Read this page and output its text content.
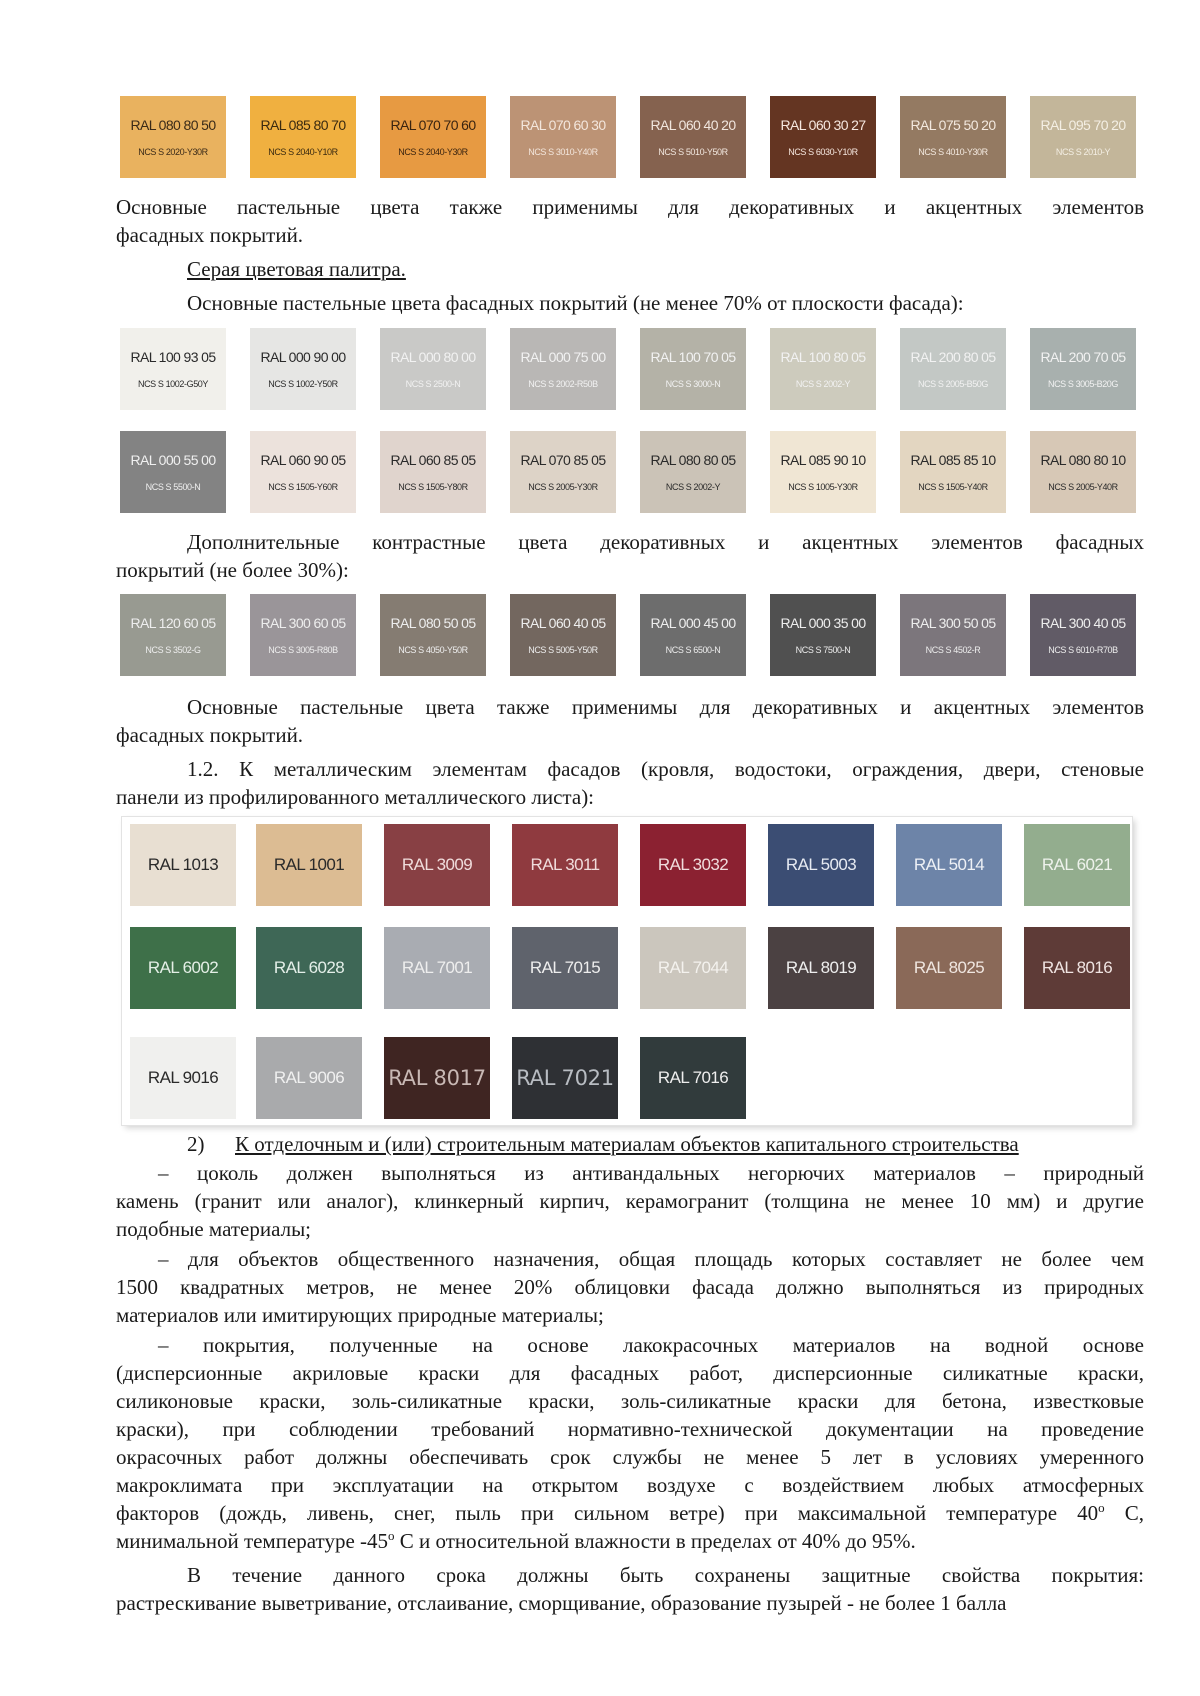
RAL 080 80 50
NCS S 2020-Y30R
RAL 085 80 70
NCS S 2040-Y10R
RAL 070 70 60
NCS S 2040-Y30R
RAL 070 60 30
NCS S 3010-Y40R
RAL 060 40 20
NCS S 5010-Y50R
RAL 060 30 27
NCS S 6030-Y10R
RAL 075 50 20
NCS S 4010-Y30R
RAL 095 70 20
NCS S 2010-Y
Основные пастельные цвета также применимы для декоративных и акцентных элементов
фасадных покрытий.
Серая цветовая палитра.
Основные пастельные цвета фасадных покрытий (не менее 70% от плоскости фасада):
RAL 100 93 05
NCS S 1002-G50Y
RAL 000 90 00
NCS S 1002-Y50R
RAL 000 80 00
NCS S 2500-N
RAL 000 75 00
NCS S 2002-R50B
RAL 100 70 05
NCS S 3000-N
RAL 100 80 05
NCS S 2002-Y
RAL 200 80 05
NCS S 2005-B50G
RAL 200 70 05
NCS S 3005-B20G
RAL 000 55 00
NCS S 5500-N
RAL 060 90 05
NCS S 1505-Y60R
RAL 060 85 05
NCS S 1505-Y80R
RAL 070 85 05
NCS S 2005-Y30R
RAL 080 80 05
NCS S 2002-Y
RAL 085 90 10
NCS S 1005-Y30R
RAL 085 85 10
NCS S 1505-Y40R
RAL 080 80 10
NCS S 2005-Y40R
Дополнительные контрастные цвета декоративных и акцентных элементов фасадных
покрытий (не более 30%):
RAL 120 60 05
NCS S 3502-G
RAL 300 60 05
NCS S 3005-R80B
RAL 080 50 05
NCS S 4050-Y50R
RAL 060 40 05
NCS S 5005-Y50R
RAL 000 45 00
NCS S 6500-N
RAL 000 35 00
NCS S 7500-N
RAL 300 50 05
NCS S 4502-R
RAL 300 40 05
NCS S 6010-R70B
Основные пастельные цвета также применимы для декоративных и акцентных элементов
фасадных покрытий.
1.2. К металлическим элементам фасадов (кровля, водостоки, ограждения, двери, стеновые
панели из профилированного металлического листа):
RAL 1013	RAL 1001	RAL 3009	RAL 3011	RAL 3032	RAL 5003	RAL 5014	RAL 6021
RAL 6002	RAL 6028	RAL 7001	RAL 7015	RAL 7044	RAL 8019	RAL 8025	RAL 8016
RAL 9016	RAL 9006	RAL 8017 RAL 7021	RAL 7016
2) К отделочным и (или) строительным материалам объектов капитального строительства
– цоколь должен выполняться из антивандальных негорючих материалов – природный
камень (гранит или аналог), клинкерный кирпич, керамогранит (толщина не менее 10 мм) и другие
подобные материалы;
– для объектов общественного назначения, общая площадь которых составляет не более чем
1500 квадратных метров, не менее 20% облицовки фасада должно выполняться из природных
материалов или имитирующих природные материалы;
– покрытия, полученные на основе лакокрасочных материалов на водной основе
(дисперсионные акриловые краски для фасадных работ, дисперсионные силикатные краски,
силиконовые краски, золь-силикатные краски, золь-силикатные краски для бетона, известковые
краски), при соблюдении требований нормативно-технической документации на проведение
окрасочных работ должны обеспечивать срок службы не менее 5 лет в условиях умеренного
макроклимата при эксплуатации на открытом воздухе с воздействием любых атмосферных
факторов (дождь, ливень, снег, пыль при сильном ветре) при максимальной температуре 40$^o$ С,
минимальной температуре -45$^o$ С и относительной влажности в пределах от 40% до 95%.
В течение данного срока должны быть сохранены защитные свойства покрытия:
растрескивание выветривание, отслаивание, сморщивание, образование пузырей - не более 1 балла
